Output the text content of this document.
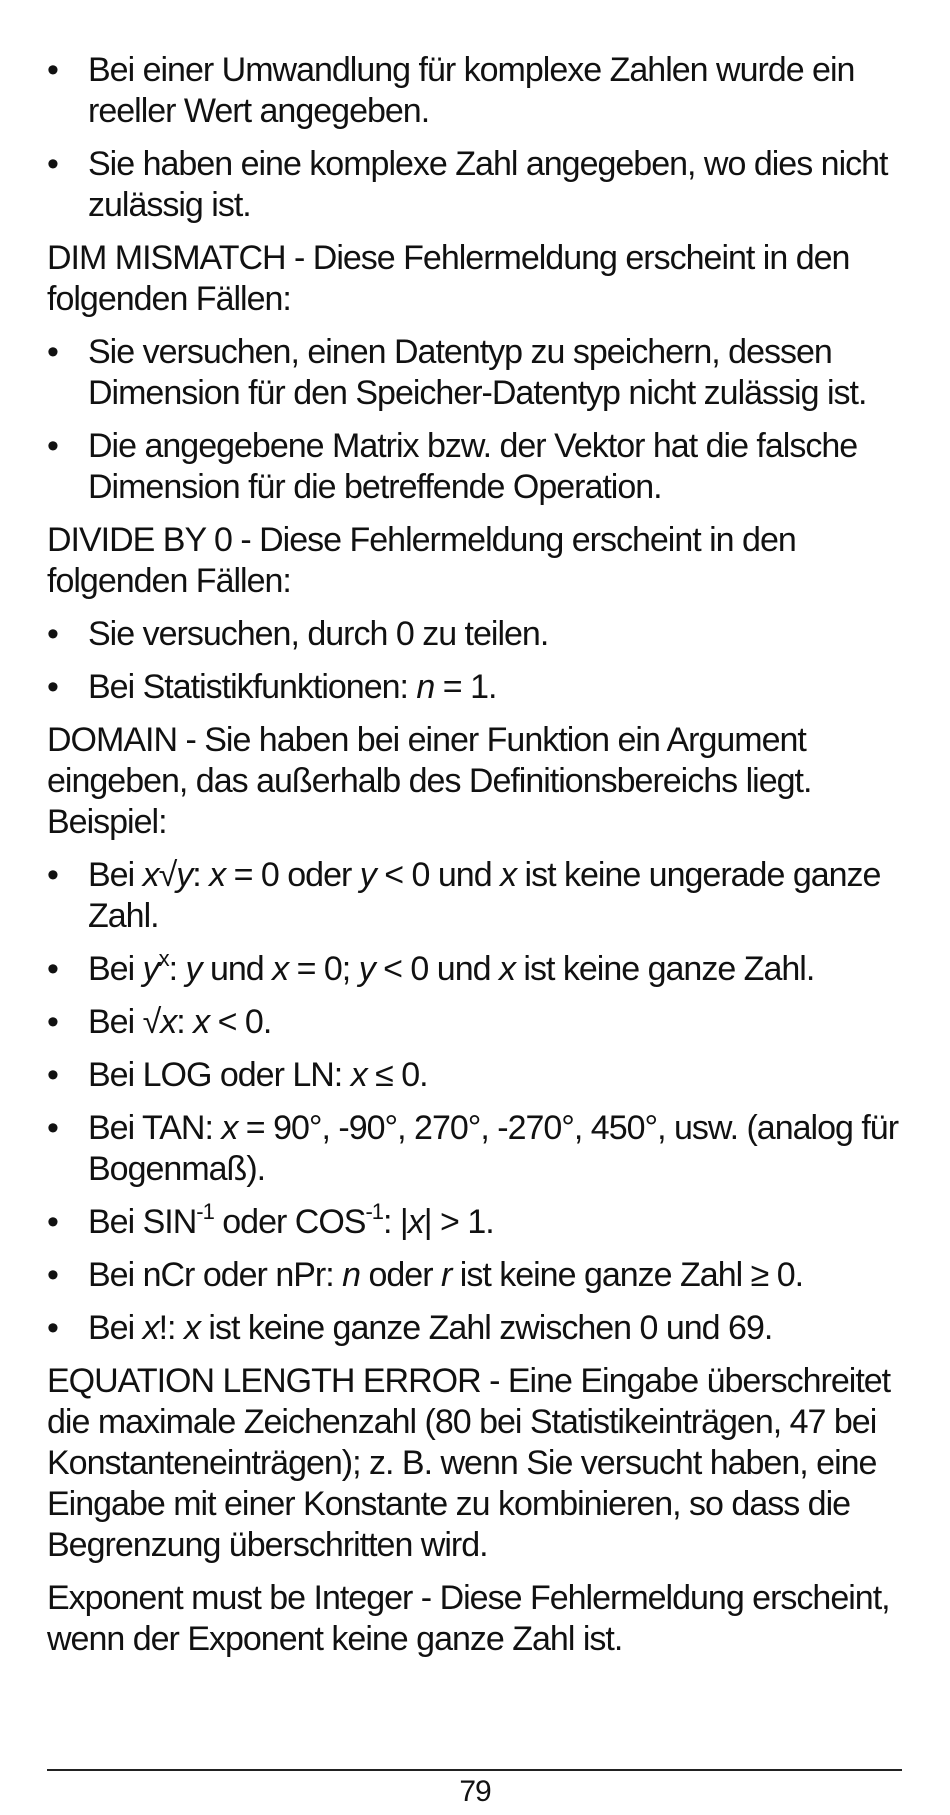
• Bei einer Umwandlung für komplexe Zahlen wurde ein reeller Wert angegeben.
• Sie haben eine komplexe Zahl angegeben, wo dies nicht zulässig ist.

DIM MISMATCH - Diese Fehlermeldung erscheint in den folgenden Fällen:

• Sie versuchen, einen Datentyp zu speichern, dessen Dimension für den Speicher-Datentyp nicht zulässig ist.
• Die angegebene Matrix bzw. der Vektor hat die falsche Dimension für die betreffende Operation.

DIVIDE BY 0 - Diese Fehlermeldung erscheint in den folgenden Fällen:

• Sie versuchen, durch 0 zu teilen.
• Bei Statistikfunktionen: n = 1.

DOMAIN - Sie haben bei einer Funktion ein Argument eingeben, das außerhalb des Definitionsbereichs liegt. Beispiel:

• Bei x√y: x = 0 oder y < 0 und x ist keine ungerade ganze Zahl.
• Bei $y^x$: y und x = 0; y < 0 und x ist keine ganze Zahl.
• Bei √x: x < 0.
• Bei LOG oder LN: x ≤ 0.
• Bei TAN: x = 90°, -90°, 270°, -270°, 450°, usw. (analog für Bogenmaß).
• Bei $SIN^{-1}$ oder $COS^{-1}$: |x| > 1.
• Bei nCr oder nPr: n oder r ist keine ganze Zahl ≥ 0.
• Bei x!: x ist keine ganze Zahl zwischen 0 und 69.

EQUATION LENGTH ERROR - Eine Eingabe überschreitet die maximale Zeichenzahl (80 bei Statistikeinträgen, 47 bei Konstanteneinträgen); z. B. wenn Sie versucht haben, eine Eingabe mit einer Konstante zu kombinieren, so dass die Begrenzung überschritten wird.

Exponent must be Integer - Diese Fehlermeldung erscheint, wenn der Exponent keine ganze Zahl ist.

79
